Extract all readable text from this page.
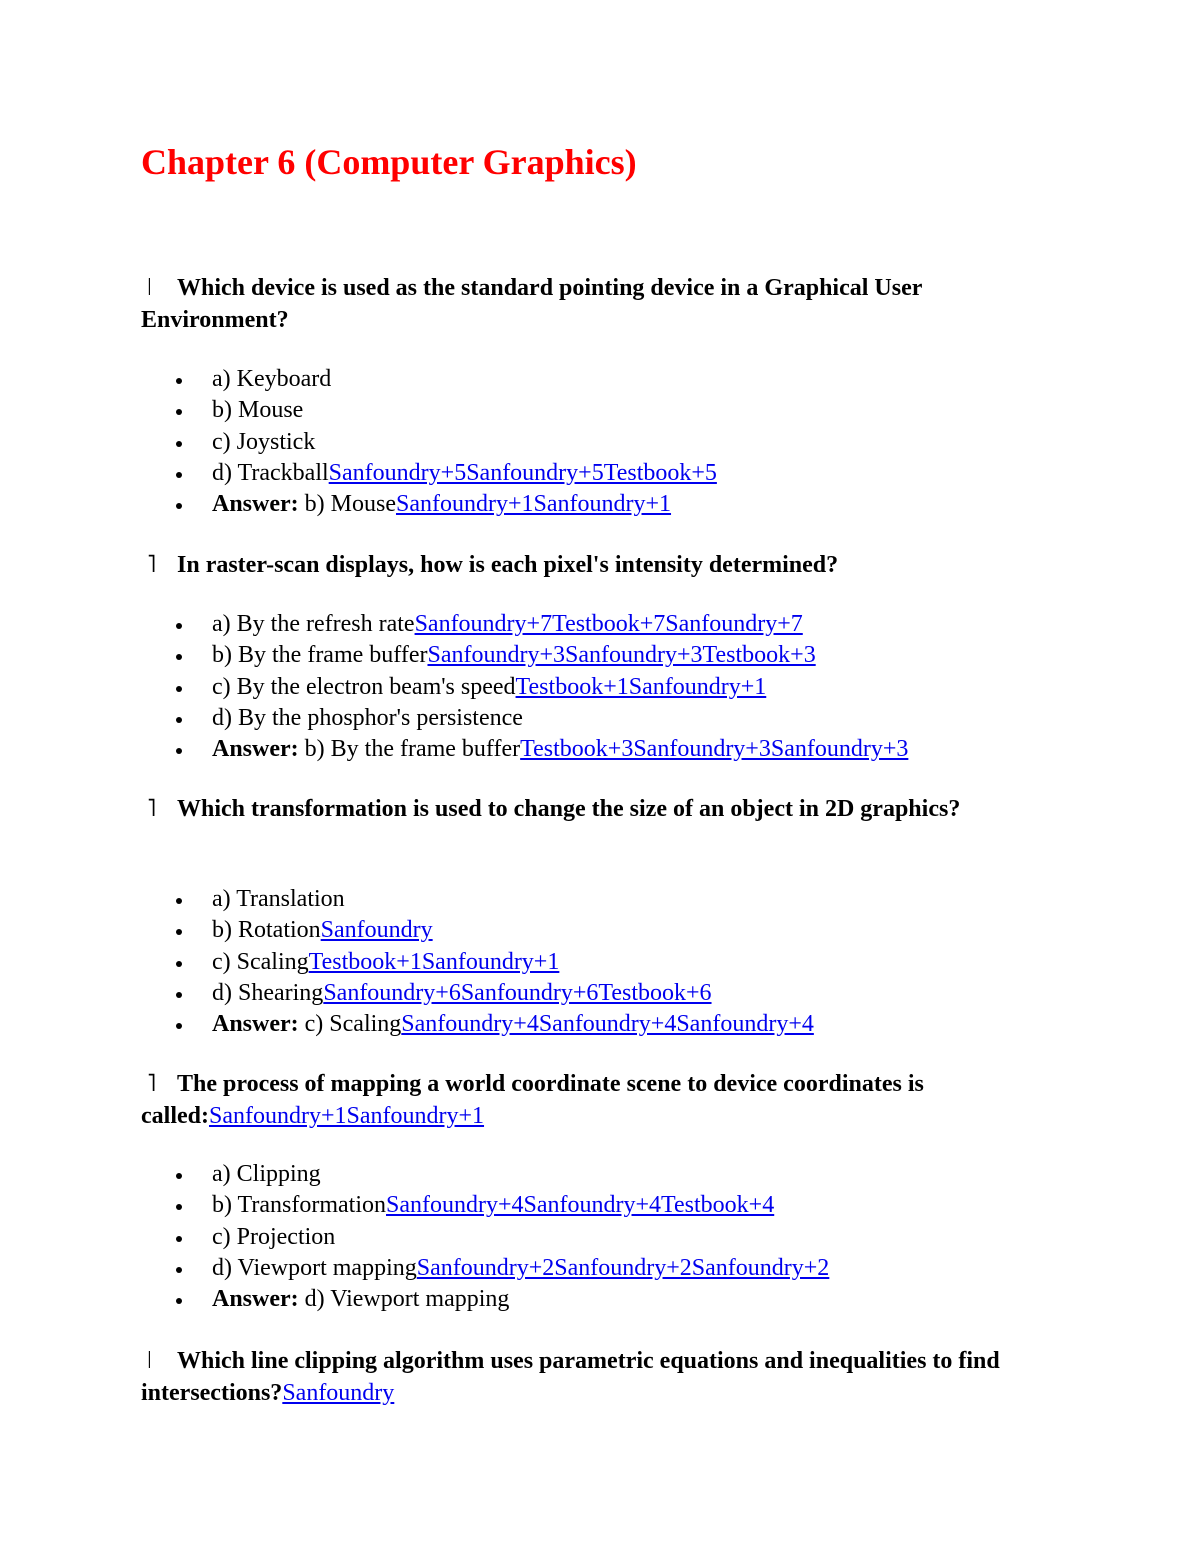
Chapter 6 (Computer Graphics)

ǀ Which device is used as the standard pointing device in a Graphical User Environment?

a) Keyboard
b) Mouse
c) Joystick
d) TrackballSanfoundry+5Sanfoundry+5Testbook+5
Answer: b) MouseSanfoundry+1Sanfoundry+1

˥ In raster-scan displays, how is each pixel's intensity determined?

a) By the refresh rateSanfoundry+7Testbook+7Sanfoundry+7
b) By the frame bufferSanfoundry+3Sanfoundry+3Testbook+3
c) By the electron beam's speedTestbook+1Sanfoundry+1
d) By the phosphor's persistence
Answer: b) By the frame bufferTestbook+3Sanfoundry+3Sanfoundry+3

˥ Which transformation is used to change the size of an object in 2D graphics?

a) Translation
b) RotationSanfoundry
c) ScalingTestbook+1Sanfoundry+1
d) ShearingSanfoundry+6Sanfoundry+6Testbook+6
Answer: c) ScalingSanfoundry+4Sanfoundry+4Sanfoundry+4

˥ The process of mapping a world coordinate scene to device coordinates is called:Sanfoundry+1Sanfoundry+1

a) Clipping
b) TransformationSanfoundry+4Sanfoundry+4Testbook+4
c) Projection
d) Viewport mappingSanfoundry+2Sanfoundry+2Sanfoundry+2
Answer: d) Viewport mapping

ǀ Which line clipping algorithm uses parametric equations and inequalities to find intersections?Sanfoundry
